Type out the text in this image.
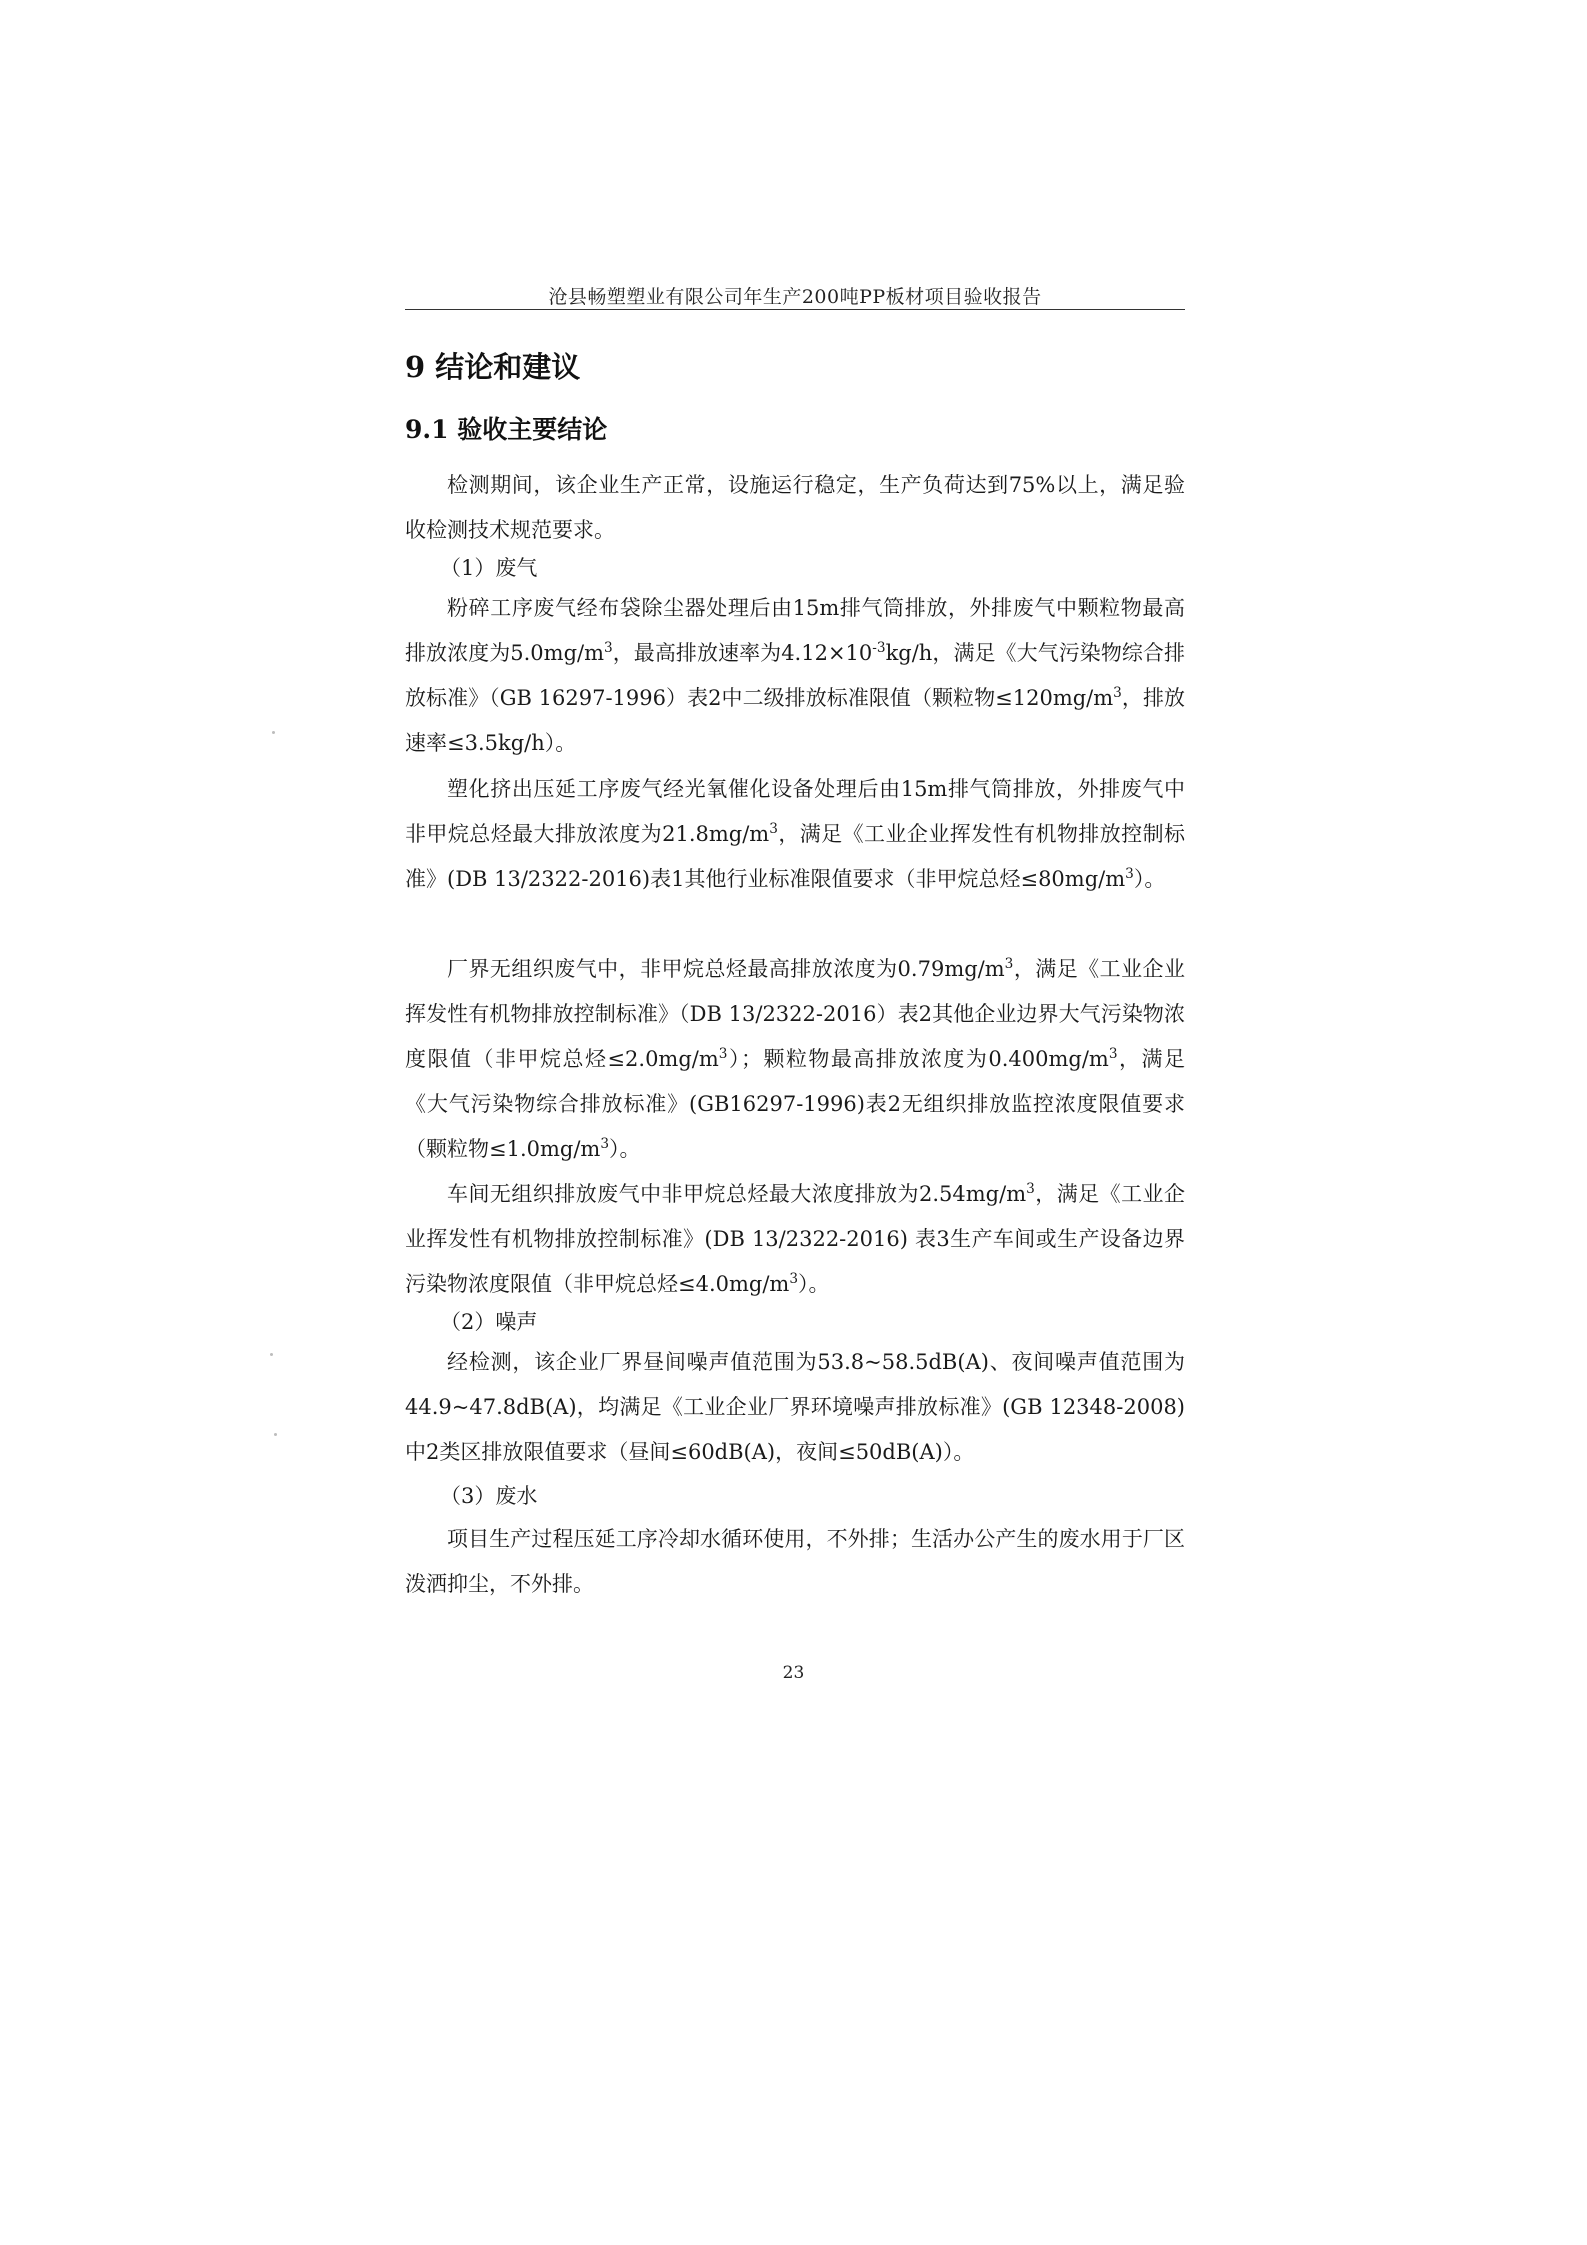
沧县畅塑塑业有限公司年生产200吨PP板材项目验收报告
9 结论和建议
9.1 验收主要结论
检测期间，该企业生产正常，设施运行稳定，生产负荷达到75%以上，满足验收检测技术规范要求。
（1）废气
粉碎工序废气经布袋除尘器处理后由15m排气筒排放，外排废气中颗粒物最高排放浓度为$5.0mg/m^3$，最高排放速率为$4.12\times 10^{-3}kg/h$，满足《大气污染物综合排放标准》（GB 16297-1996）表2中二级排放标准限值（颗粒物$\le 120mg/m^3$，排放速率≤3.5kg/h）。
塑化挤出压延工序废气经光氧催化设备处理后由15m排气筒排放，外排废气中非甲烷总烃最大排放浓度为$21.8mg/m^3$，满足《工业企业挥发性有机物排放控制标准》(DB 13/2322-2016)表1其他行业标准限值要求（非甲烷总烃$\le 80mg/m^3$）。
厂界无组织废气中，非甲烷总烃最高排放浓度为$0.79mg/m^3$，满足《工业企业挥发性有机物排放控制标准》（DB 13/2322-2016）表2其他企业边界大气污染物浓度限值（非甲烷总烃$\le 2.0mg/m^3$）；颗粒物最高排放浓度为$0.400mg/m^3$，满足《大气污染物综合排放标准》(GB16297-1996)表2无组织排放监控浓度限值要求（颗粒物$\le 1.0mg/m^3$）。
车间无组织排放废气中非甲烷总烃最大浓度排放为$2.54mg/m^3$，满足《工业企业挥发性有机物排放控制标准》(DB 13/2322-2016) 表3生产车间或生产设备边界污染物浓度限值（非甲烷总烃$\le 4.0mg/m^3$）。
（2）噪声
经检测，该企业厂界昼间噪声值范围为53.8~58.5dB(A)、夜间噪声值范围为44.9~47.8dB(A)，均满足《工业企业厂界环境噪声排放标准》(GB 12348-2008)中2类区排放限值要求（昼间≤60dB(A)，夜间≤50dB(A)）。
（3）废水
项目生产过程压延工序冷却水循环使用，不外排；生活办公产生的废水用于厂区泼洒抑尘，不外排。
23
